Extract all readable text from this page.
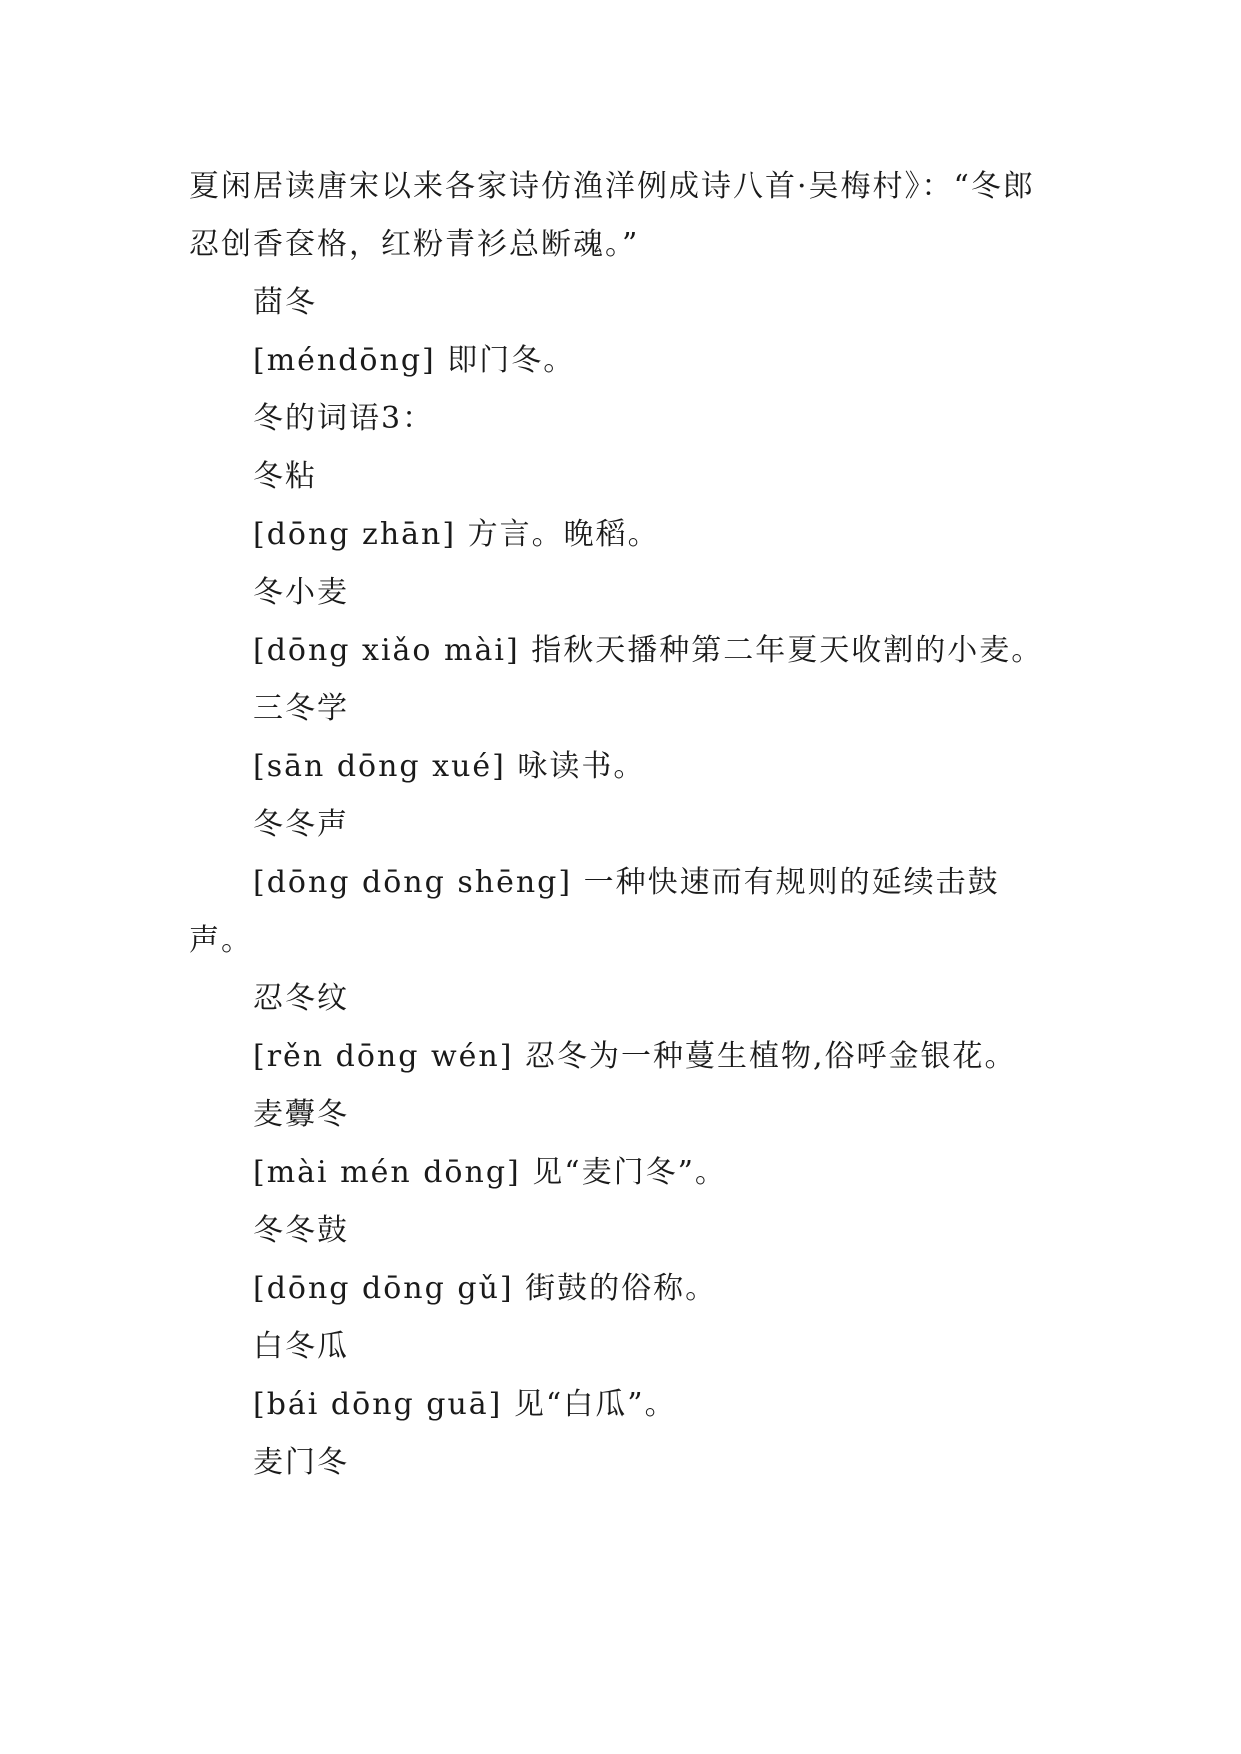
夏闲居读唐宋以来各家诗仿渔洋例成诗八首·吴梅村》：“冬郎 忍创香奁格，红粉青衫总断魂。”

莔冬

[méndōng] 即门冬。

冬的词语3：

冬粘

[dōng zhān] 方言。晚稻。

冬小麦

[dōng xiǎo mài] 指秋天播种第二年夏天收割的小麦。

三冬学

[sān dōng xué] 咏读书。

冬冬声

[dōng dōng shēng] 一种快速而有规则的延续击鼓声。

忍冬纹

[rěn dōng wén] 忍冬为一种蔓生植物,俗呼金银花。

麦虋冬

[mài mén dōng] 见“麦门冬”。

冬冬鼓

[dōng dōng gǔ] 街鼓的俗称。

白冬瓜

[bái dōng guā] 见“白瓜”。

麦门冬
